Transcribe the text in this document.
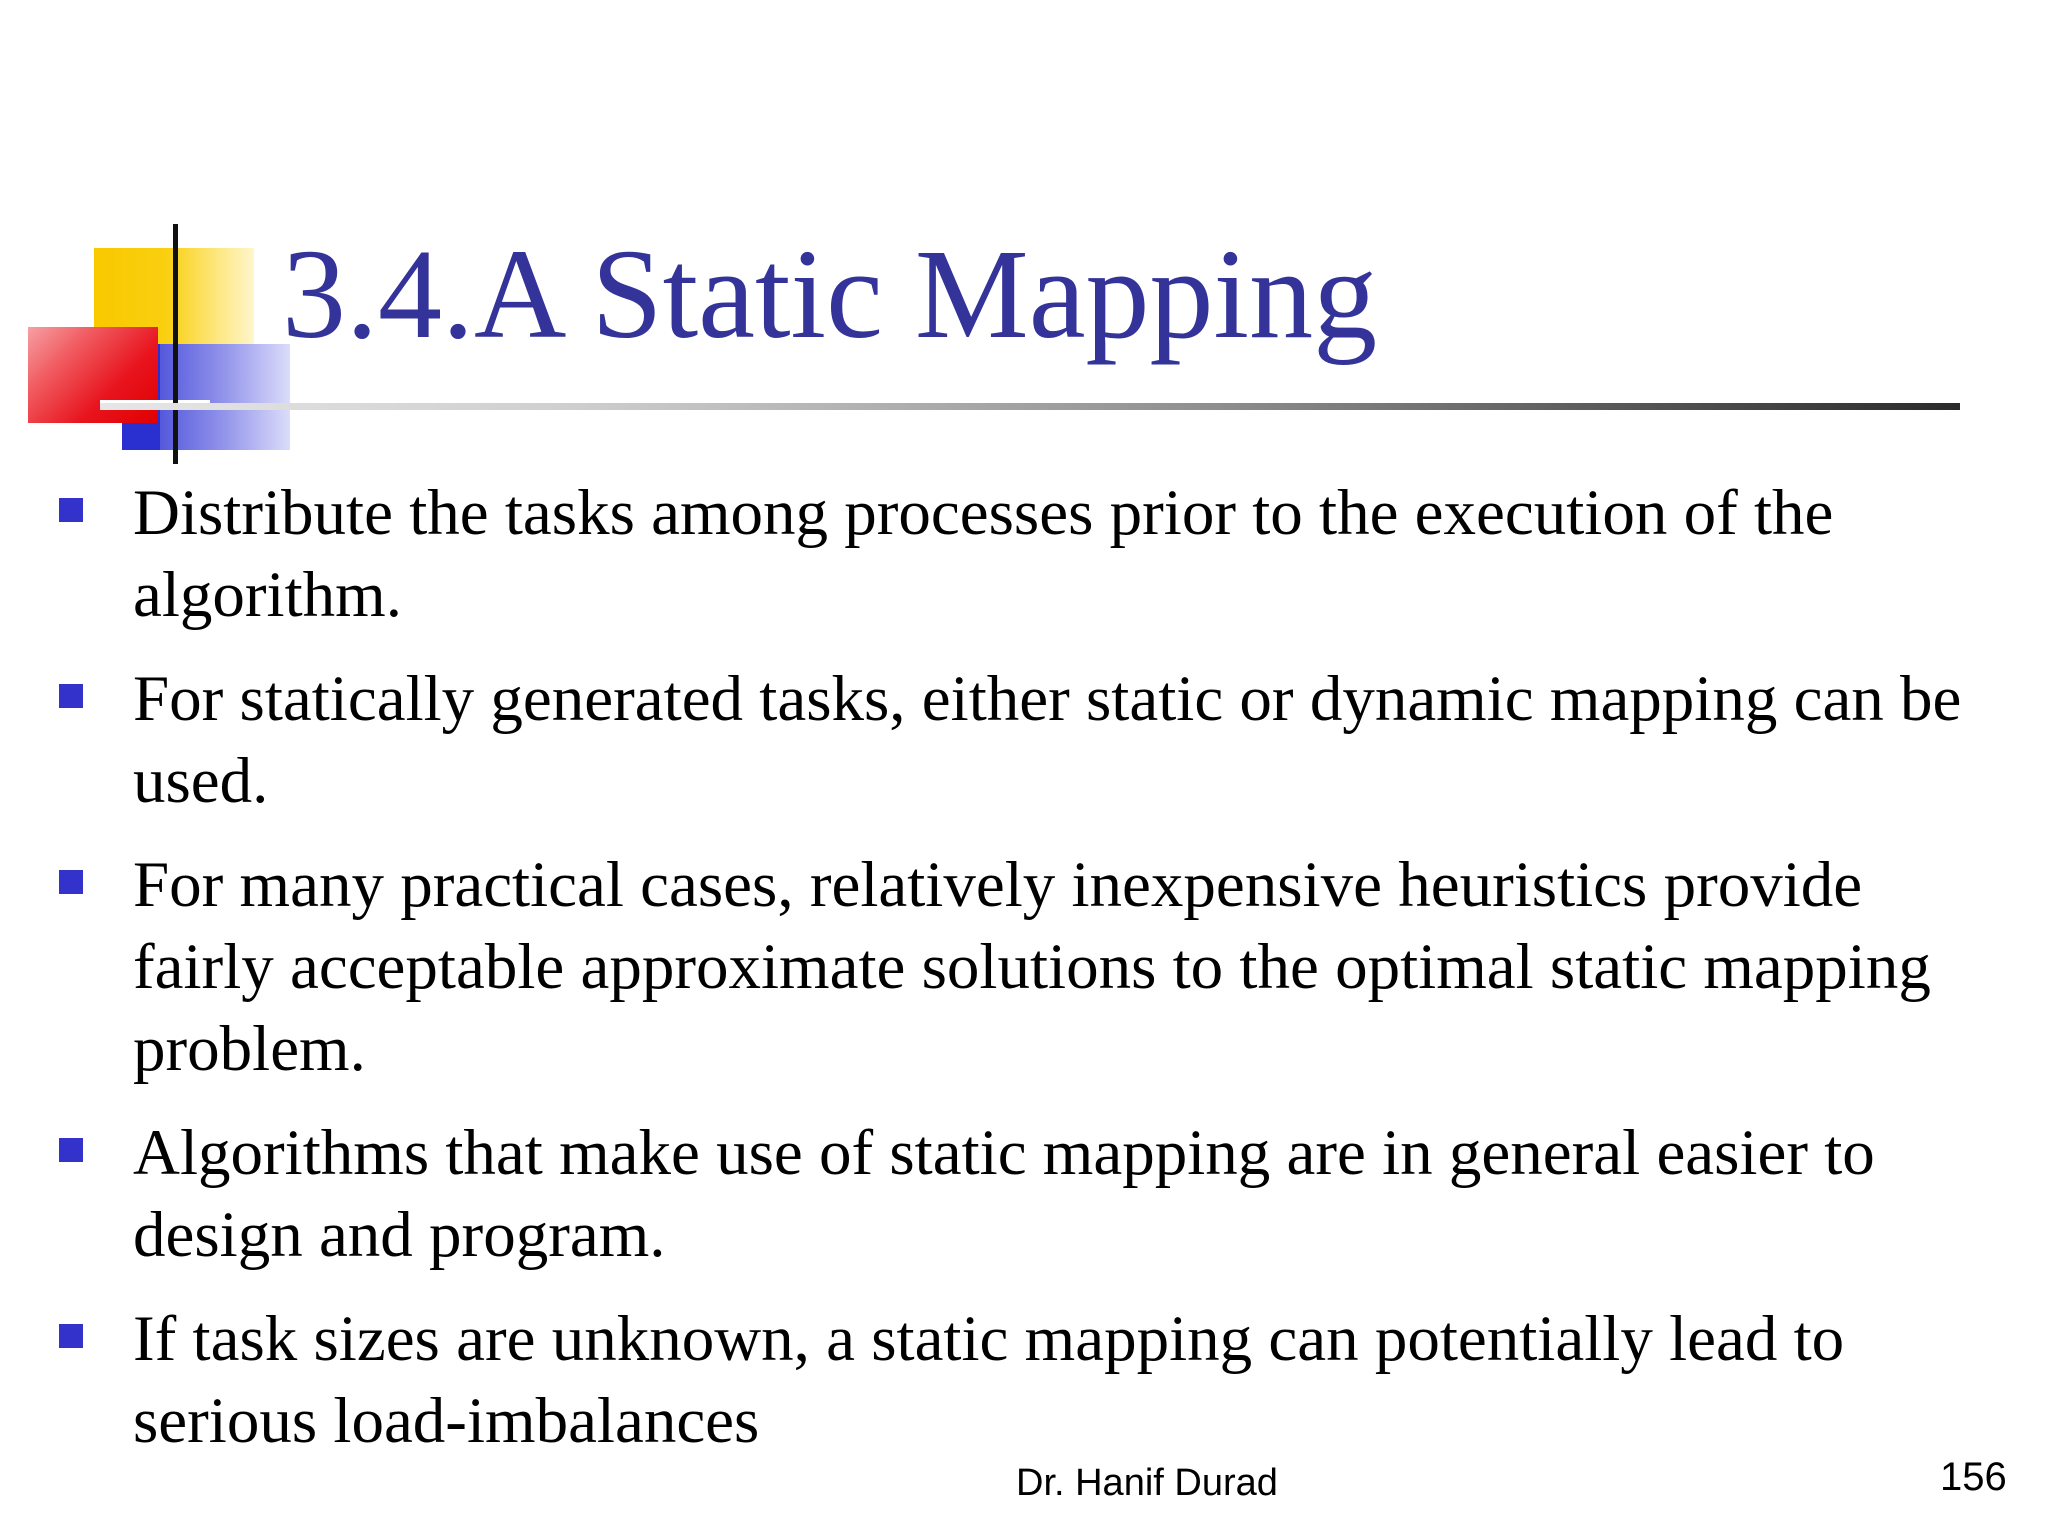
3.4.A Static Mapping
Distribute the tasks among processes prior to the execution of the algorithm.
For statically generated tasks, either static or dynamic mapping can be used.
For many practical cases, relatively inexpensive heuristics provide fairly acceptable approximate solutions to the optimal static mapping problem.
Algorithms that make use of static mapping are in general easier to design and program.
If task sizes are unknown, a static mapping can potentially lead to serious load-imbalances
Dr. Hanif Durad	156
